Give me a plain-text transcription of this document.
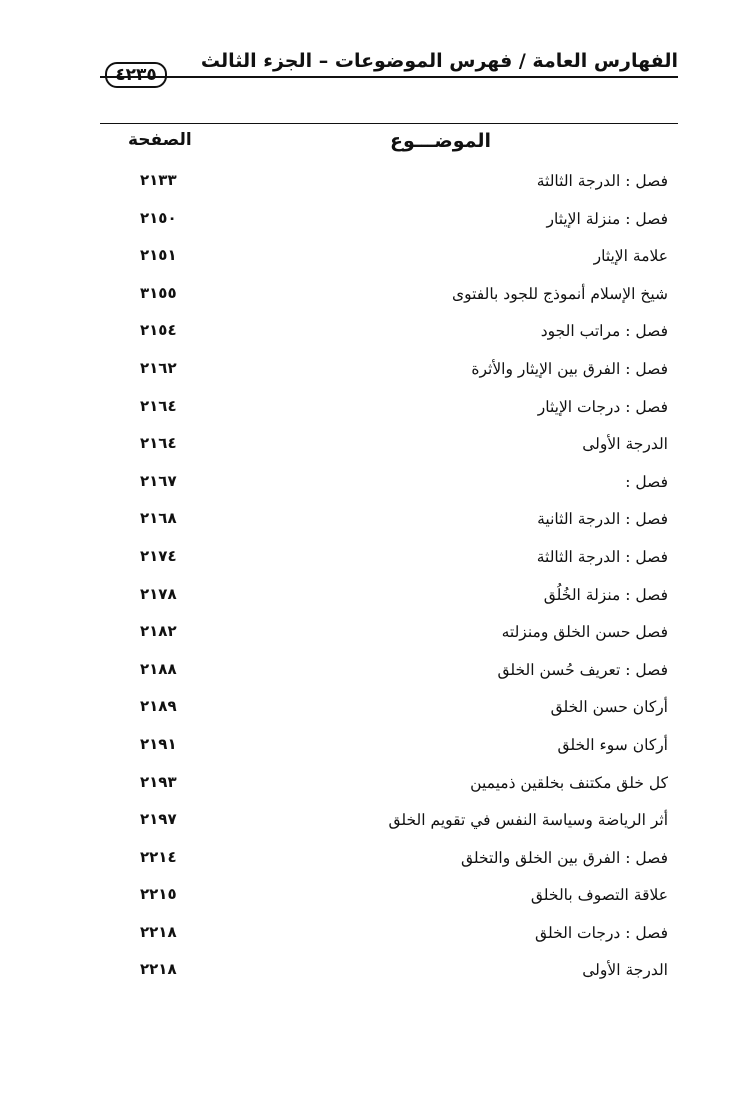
الفهارس العامة / فهرس الموضوعات – الجزء الثالث
٤٢٣٥
الموضـــوع
الصفحة
فصل : الدرجة الثالثة
٢١٣٣
فصل : منزلة الإيثار
٢١٥٠
علامة الإيثار
٢١٥١
شيخ الإسلام أنموذج للجود بالفتوى
٣١٥٥
فصل : مراتب الجود
٢١٥٤
فصل : الفرق بين الإيثار والأثرة
٢١٦٢
فصل : درجات الإيثار
٢١٦٤
الدرجة الأولى
٢١٦٤
فصل :
٢١٦٧
فصل : الدرجة الثانية
٢١٦٨
فصل : الدرجة الثالثة
٢١٧٤
فصل : منزلة الخُلُق
٢١٧٨
فصل حسن الخلق ومنزلته
٢١٨٢
فصل : تعريف حُسن الخلق
٢١٨٨
أركان حسن الخلق
٢١٨٩
أركان سوء الخلق
٢١٩١
كل خلق مكتنف بخلقين ذميمين
٢١٩٣
أثر الرياضة وسياسة النفس في تقويم الخلق
٢١٩٧
فصل : الفرق بين الخلق والتخلق
٢٢١٤
علاقة التصوف بالخلق
٢٢١٥
فصل : درجات الخلق
٢٢١٨
الدرجة الأولى
٢٢١٨
